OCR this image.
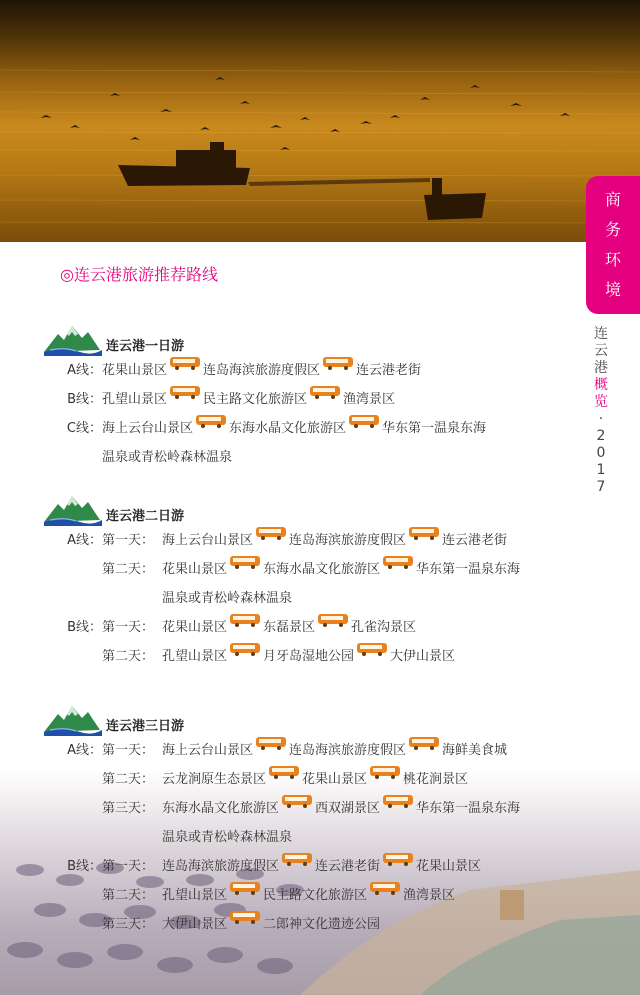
商
务
环
境
连
云
港
概
览
·
2
0
1
7
◎连云港旅游推荐路线
连云港一日游
A线： 花果山景区	连岛海滨旅游度假区	连云港老街
B线： 孔望山景区	民主路文化旅游区	渔湾景区
C线： 海上云台山景区	东海水晶文化旅游区	华东第一温泉东海
温泉或青松岭森林温泉
连云港二日游
A线： 第一天： 海上云台山景区	连岛海滨旅游度假区	连云港老街
第二天： 花果山景区	东海水晶文化旅游区	华东第一温泉东海
温泉或青松岭森林温泉
B线： 第一天： 花果山景区	东磊景区	孔雀沟景区
第二天： 孔望山景区	月牙岛湿地公园	大伊山景区
连云港三日游
A线： 第一天： 海上云台山景区	连岛海滨旅游度假区	海鲜美食城
第二天： 云龙涧原生态景区	花果山景区	桃花涧景区
第三天： 东海水晶文化旅游区	西双湖景区	华东第一温泉东海
温泉或青松岭森林温泉
B线： 第一天： 连岛海滨旅游度假区	连云港老街	花果山景区
第二天： 孔望山景区	民主路文化旅游区	渔湾景区
第三天： 大伊山景区	二郎神文化遗迹公园
